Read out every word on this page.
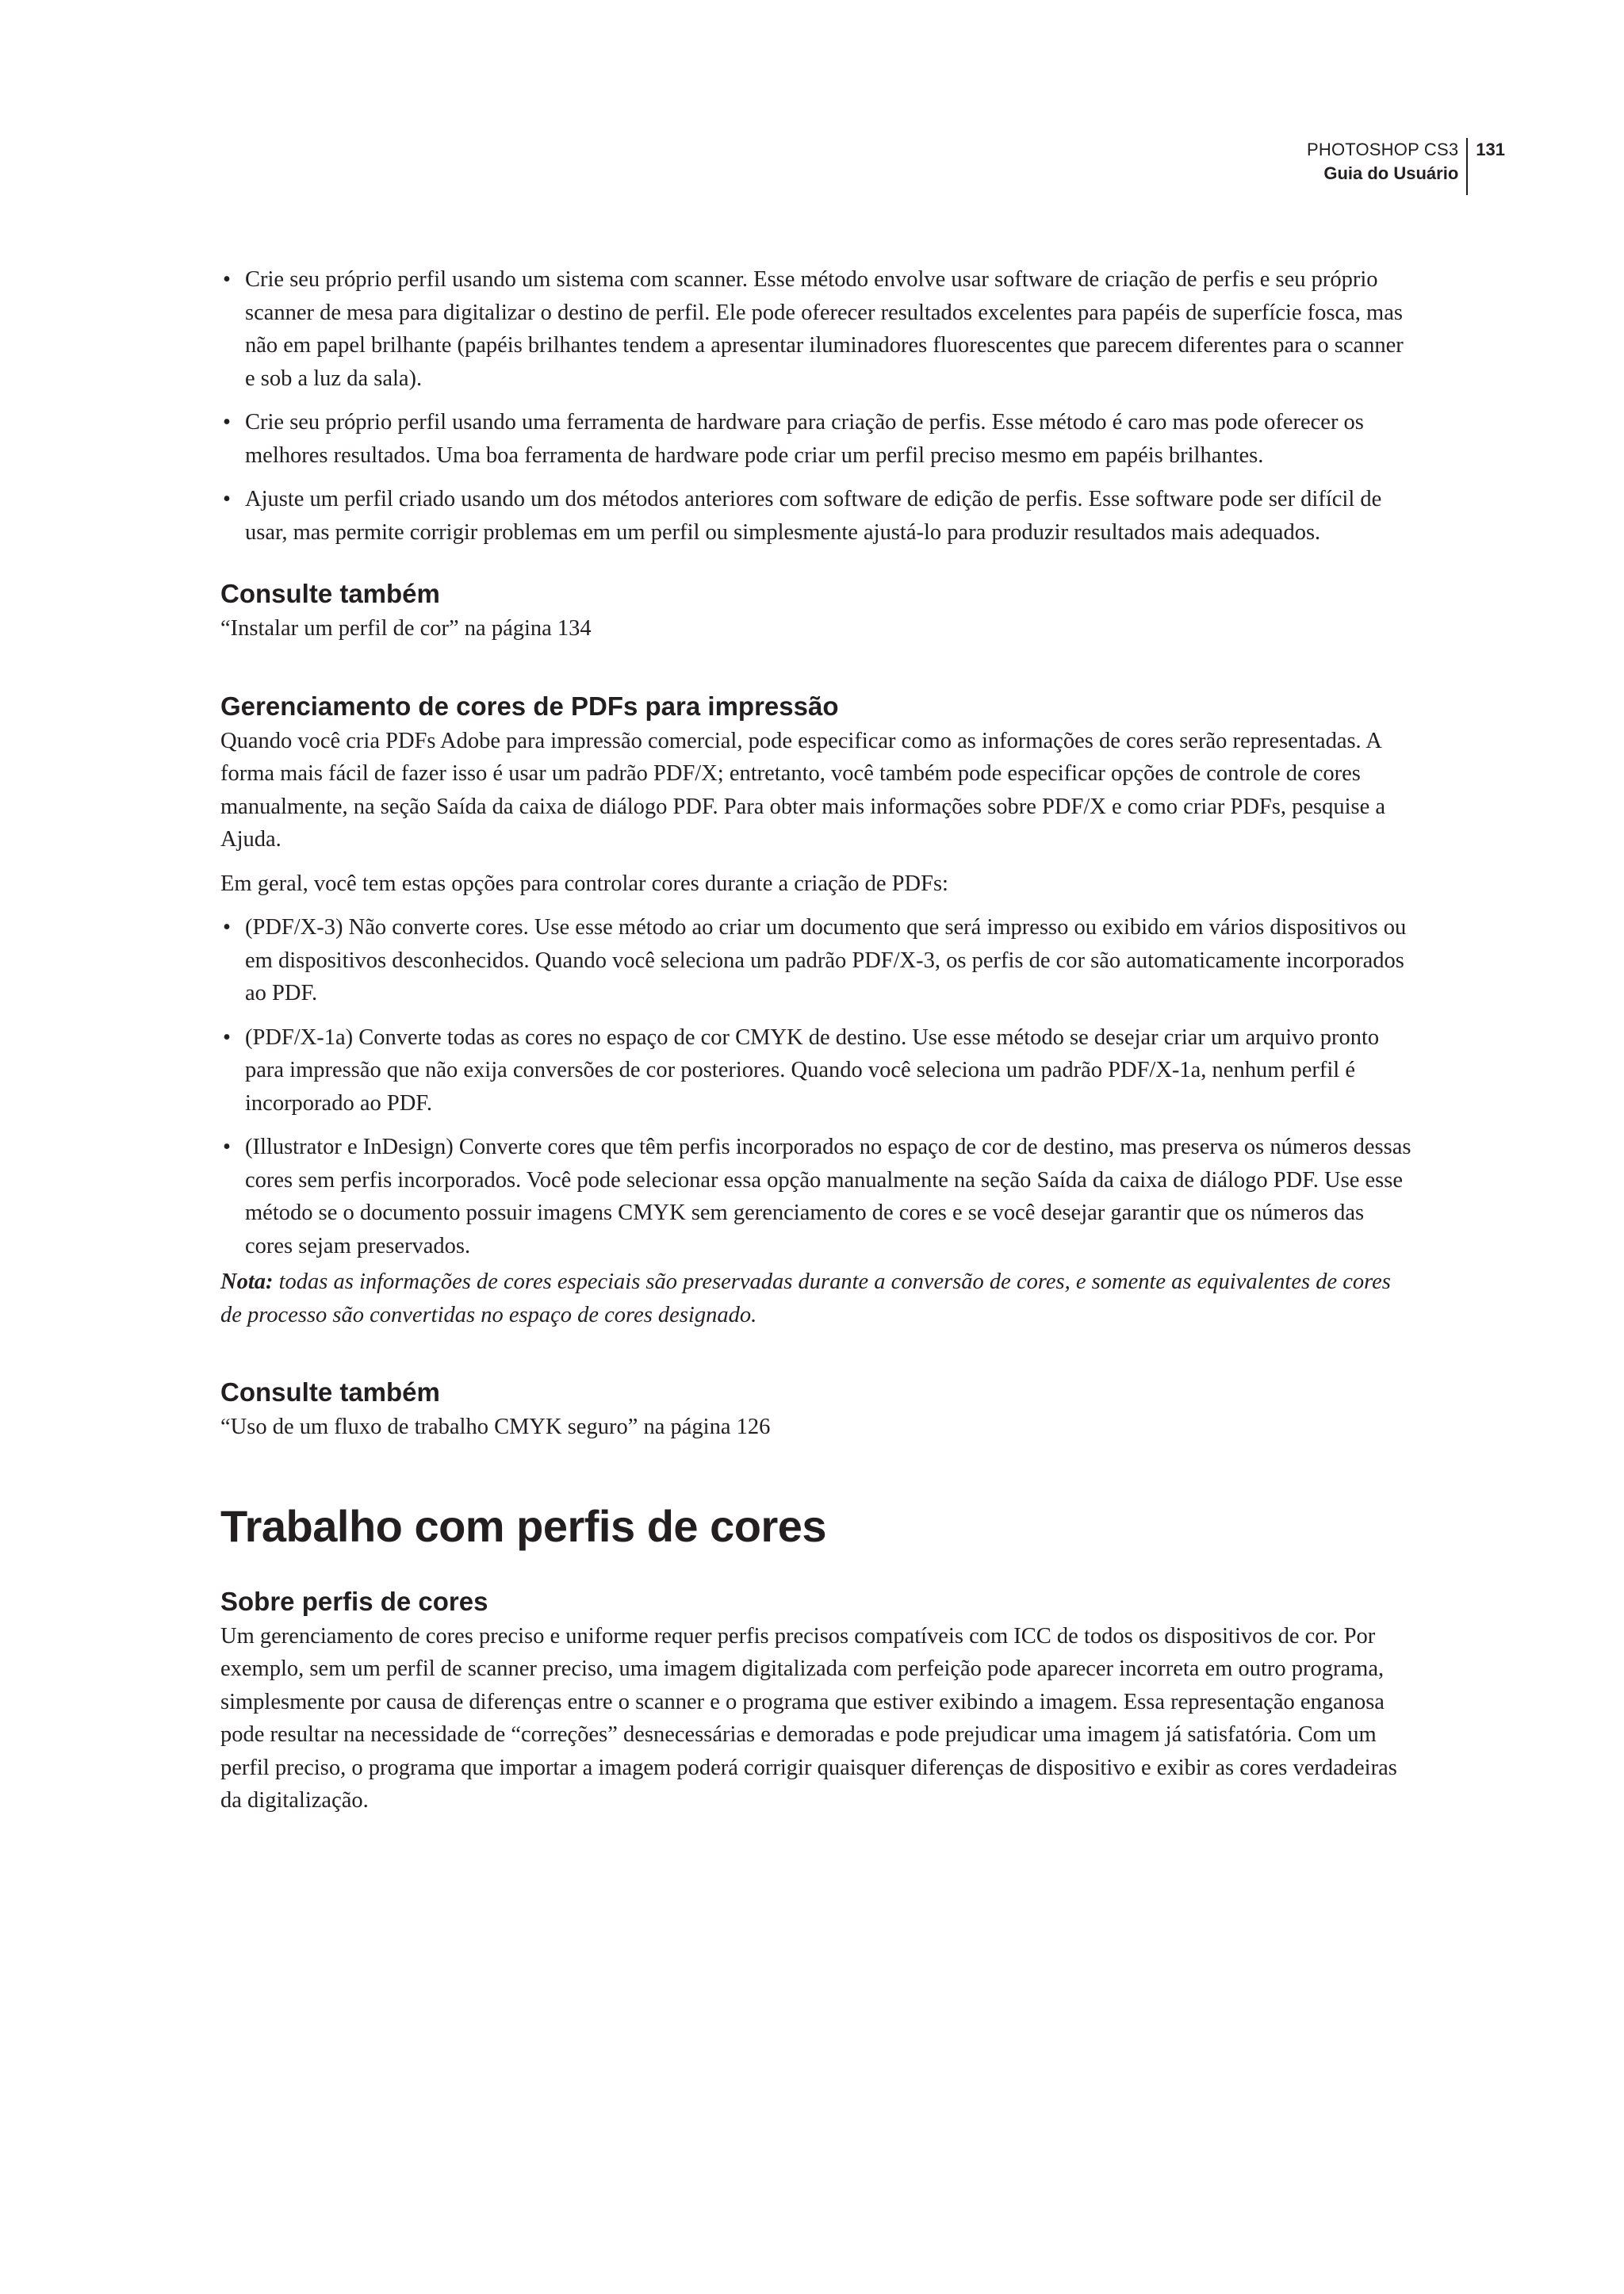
PHOTOSHOP CS3
Guia do Usuário
131
• Crie seu próprio perfil usando um sistema com scanner. Esse método envolve usar software de criação de perfis e seu próprio scanner de mesa para digitalizar o destino de perfil. Ele pode oferecer resultados excelentes para papéis de superfície fosca, mas não em papel brilhante (papéis brilhantes tendem a apresentar iluminadores fluorescentes que parecem diferentes para o scanner e sob a luz da sala).
• Crie seu próprio perfil usando uma ferramenta de hardware para criação de perfis. Esse método é caro mas pode oferecer os melhores resultados. Uma boa ferramenta de hardware pode criar um perfil preciso mesmo em papéis brilhantes.
• Ajuste um perfil criado usando um dos métodos anteriores com software de edição de perfis. Esse software pode ser difícil de usar, mas permite corrigir problemas em um perfil ou simplesmente ajustá-lo para produzir resultados mais adequados.
Consulte também

“Instalar um perfil de cor” na página 134

Gerenciamento de cores de PDFs para impressão

Quando você cria PDFs Adobe para impressão comercial, pode especificar como as informações de cores serão representadas. A forma mais fácil de fazer isso é usar um padrão PDF/X; entretanto, você também pode especificar opções de controle de cores manualmente, na seção Saída da caixa de diálogo PDF. Para obter mais informações sobre PDF/X e como criar PDFs, pesquise a Ajuda.

Em geral, você tem estas opções para controlar cores durante a criação de PDFs:

• (PDF/X-3) Não converte cores. Use esse método ao criar um documento que será impresso ou exibido em vários dispositivos ou em dispositivos desconhecidos. Quando você seleciona um padrão PDF/X-3, os perfis de cor são automaticamente incorporados ao PDF.
• (PDF/X-1a) Converte todas as cores no espaço de cor CMYK de destino. Use esse método se desejar criar um arquivo pronto para impressão que não exija conversões de cor posteriores. Quando você seleciona um padrão PDF/X-1a, nenhum perfil é incorporado ao PDF.
• (Illustrator e InDesign) Converte cores que têm perfis incorporados no espaço de cor de destino, mas preserva os números dessas cores sem perfis incorporados. Você pode selecionar essa opção manualmente na seção Saída da caixa de diálogo PDF. Use esse método se o documento possuir imagens CMYK sem gerenciamento de cores e se você desejar garantir que os números das cores sejam preservados.

Nota: todas as informações de cores especiais são preservadas durante a conversão de cores, e somente as equivalentes de cores de processo são convertidas no espaço de cores designado.

Consulte também

“Uso de um fluxo de trabalho CMYK seguro” na página 126

Trabalho com perfis de cores
Sobre perfis de cores

Um gerenciamento de cores preciso e uniforme requer perfis precisos compatíveis com ICC de todos os dispositivos de cor. Por exemplo, sem um perfil de scanner preciso, uma imagem digitalizada com perfeição pode aparecer incorreta em outro programa, simplesmente por causa de diferenças entre o scanner e o programa que estiver exibindo a imagem. Essa representação enganosa pode resultar na necessidade de “correções” desnecessárias e demoradas e pode prejudicar uma imagem já satisfatória. Com um perfil preciso, o programa que importar a imagem poderá corrigir quaisquer diferenças de dispositivo e exibir as cores verdadeiras da digitalização.
